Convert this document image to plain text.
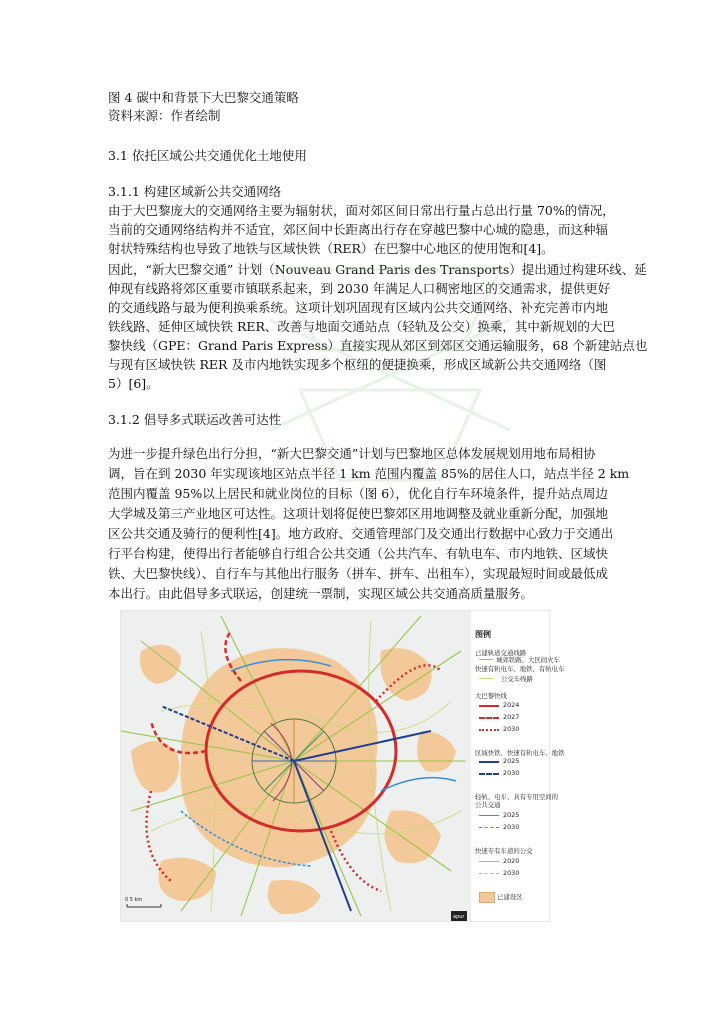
图 4 碳中和背景下大巴黎交通策略
资料来源：作者绘制
3.1 依托区域公共交通优化土地使用
3.1.1 构建区域新公共交通网络
由于大巴黎庞大的交通网络主要为辐射状，面对郊区间日常出行量占总出行量 70%的情况，
当前的交通网络结构并不适宜，郊区间中长距离出行存在穿越巴黎中心城的隐患，而这种辐
射状特殊结构也导致了地铁与区域快铁（RER）在巴黎中心地区的使用饱和[4]。
因此，“新大巴黎交通” 计划（Nouveau Grand Paris des Transports）提出通过构建环线、延
伸现有线路将郊区重要市镇联系起来，到 2030 年满足人口稠密地区的交通需求，提供更好
的交通线路与最为便利换乘系统。这项计划巩固现有区域内公共交通网络、补充完善市内地
铁线路、延伸区域快铁 RER、改善与地面交通站点（轻轨及公交）换乘，其中新规划的大巴
黎快线（GPE：Grand Paris Express）直接实现从郊区到郊区交通运输服务，68 个新建站点也
与现有区域快铁 RER 及市内地铁实现多个枢纽的便捷换乘，形成区域新公共交通网络（图
5）[6]。
3.1.2 倡导多式联运改善可达性
为进一步提升绿色出行分担，“新大巴黎交通”计划与巴黎地区总体发展规划用地布局相协
调，旨在到 2030 年实现该地区站点半径 1 km 范围内覆盖 85%的居住人口，站点半径 2 km
范围内覆盖 95%以上居民和就业岗位的目标（图 6），优化自行车环境条件，提升站点周边
大学城及第三产业地区可达性。这项计划将促使巴黎郊区用地调整及就业重新分配，加强地
区公共交通及骑行的便利性[4]。地方政府、交通管理部门及交通出行数据中心致力于交通出
行平台构建，使得出行者能够自行组合公共交通（公共汽车、有轨电车、市内地铁、区域快
铁、大巴黎快线）、自行车与其他出行服务（拼车、拼车、出租车），实现最短时间或最低成
本出行。由此倡导多式联运，创建统一票制，实现区域公共交通高质量服务。
0 5 km
apur
图例
已建轨道交通线路
城郊铁路、大区间火车
快速有轨电车、地铁、有轨电车
公交车线路
大巴黎快线
2024
2027
2030
区域快铁、快速有轨电车、地铁
2025
2030
轻轨、电车、具有专用空间的
公共交通
2025
2030
快速专有车道的公交
2020
2030
已建设区
